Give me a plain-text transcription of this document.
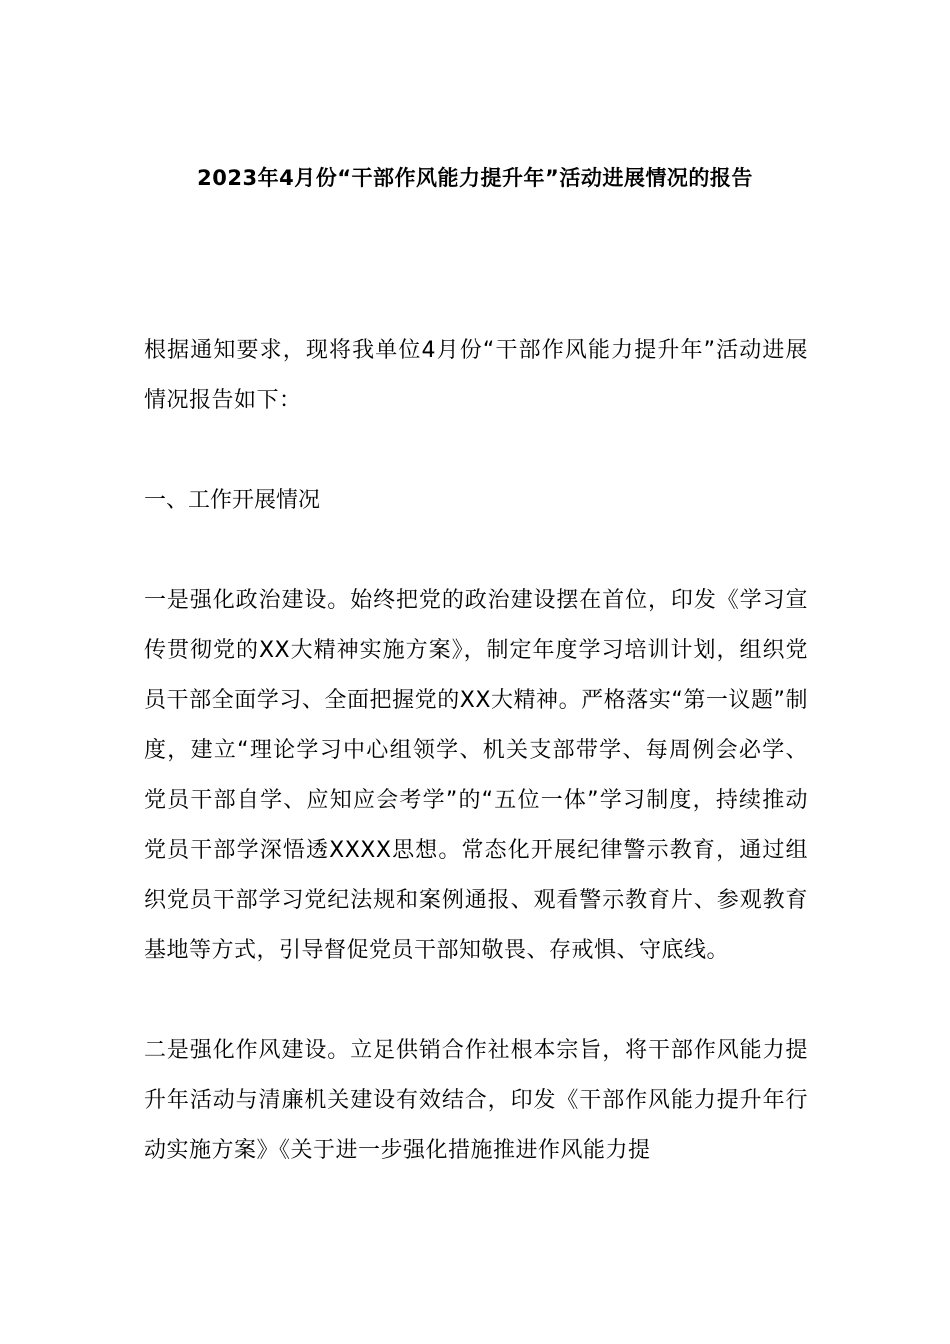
2023年4月份“干部作风能力提升年”活动进展情况的报告

根据通知要求，现将我单位4月份“干部作风能力提升年”活动进展情况报告如下：

一、工作开展情况

一是强化政治建设。始终把党的政治建设摆在首位，印发《学习宣传贯彻党的XX大精神实施方案》，制定年度学习培训计划，组织党员干部全面学习、全面把握党的XX大精神。严格落实“第一议题”制度，建立“理论学习中心组领学、机关支部带学、每周例会必学、党员干部自学、应知应会考学”的“五位一体”学习制度，持续推动党员干部学深悟透XXXX思想。常态化开展纪律警示教育，通过组织党员干部学习党纪法规和案例通报、观看警示教育片、参观教育基地等方式，引导督促党员干部知敬畏、存戒惧、守底线。

二是强化作风建设。立足供销合作社根本宗旨，将干部作风能力提升年活动与清廉机关建设有效结合，印发《干部作风能力提升年行动实施方案》《关于进一步强化措施推进作风能力提
